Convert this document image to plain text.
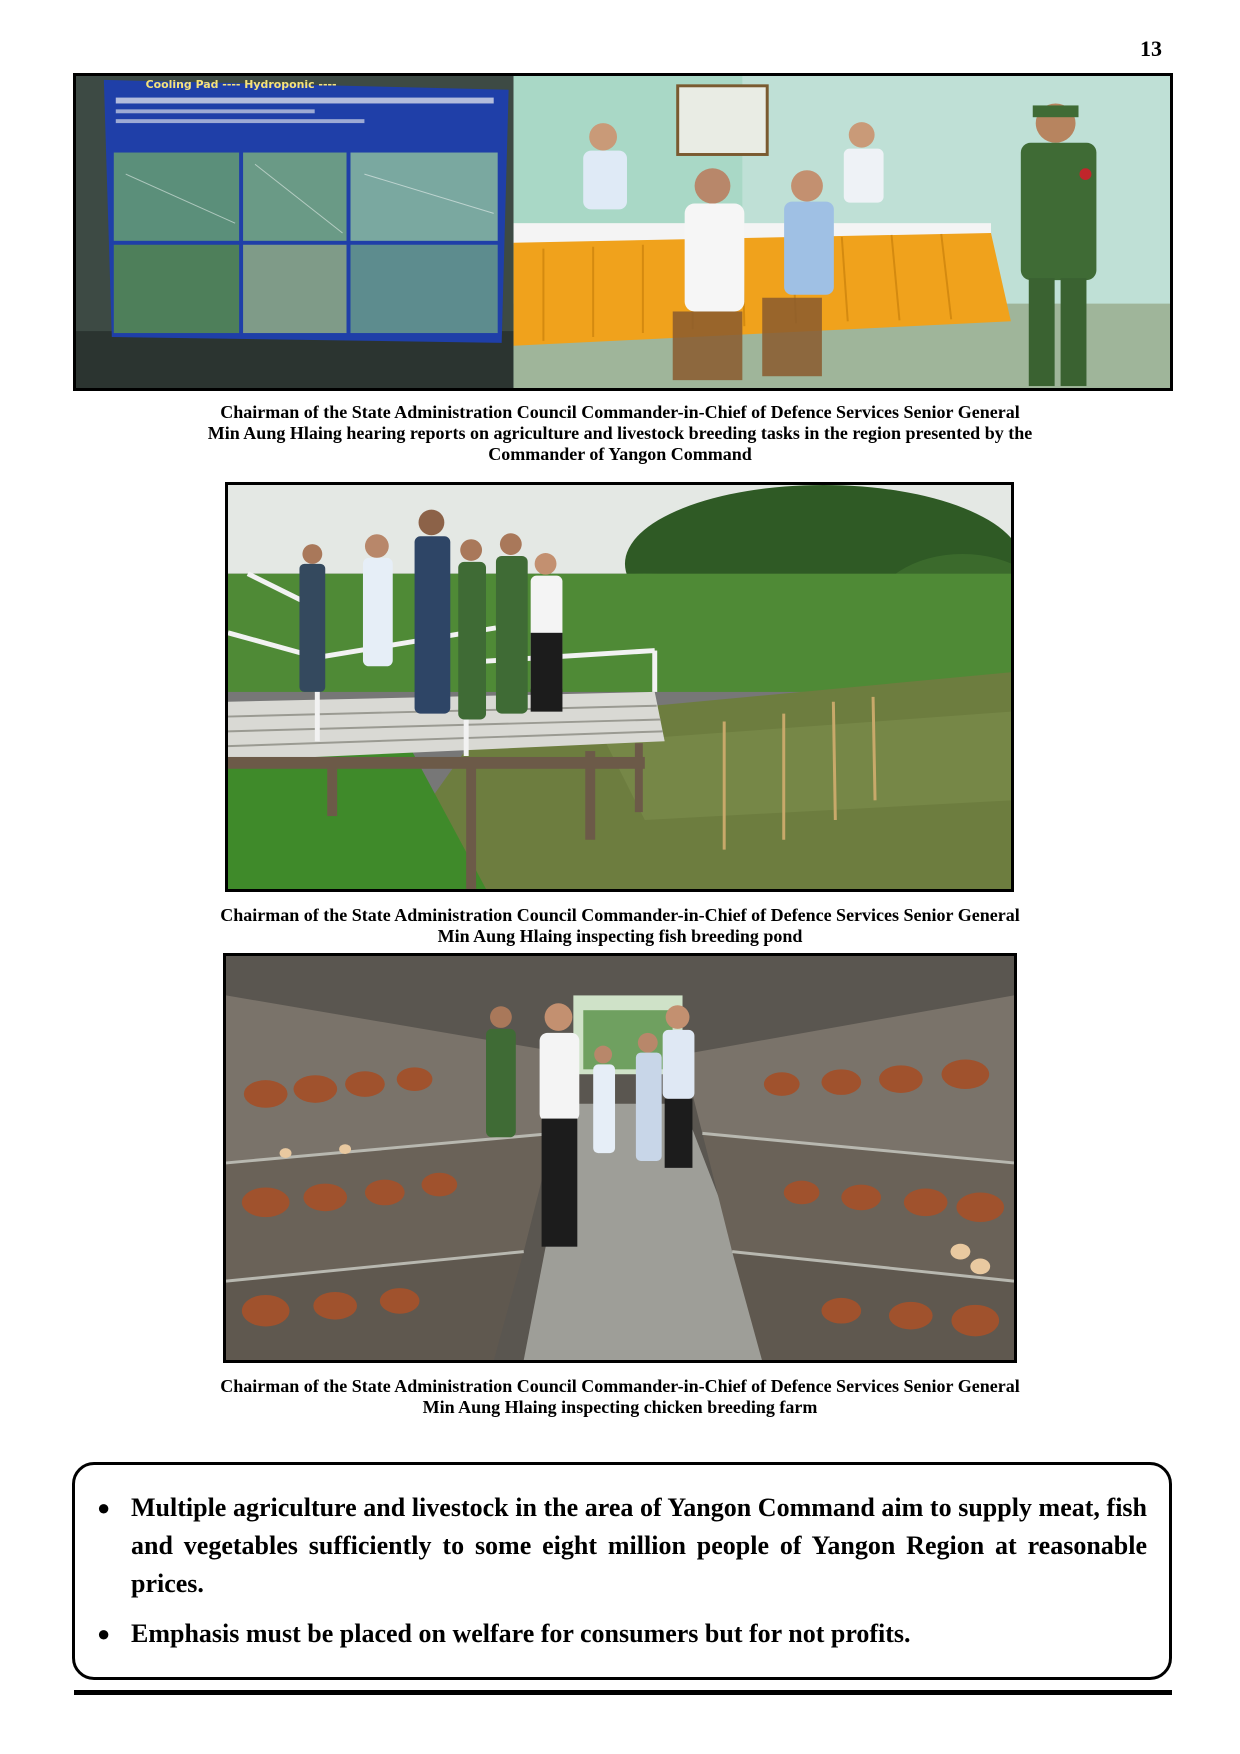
13
Cooling Pad ---- Hydroponic ----
Chairman of the State Administration Council Commander-in-Chief of Defence Services Senior General
Min Aung Hlaing hearing reports on agriculture and livestock breeding tasks in the region presented by the
Commander of Yangon Command
Chairman of the State Administration Council Commander-in-Chief of Defence Services Senior General
Min Aung Hlaing inspecting fish breeding pond
Chairman of the State Administration Council Commander-in-Chief of Defence Services Senior General
Min Aung Hlaing inspecting chicken breeding farm
● Multiple agriculture and livestock in the area of Yangon Command aim to supply meat, fish and vegetables sufficiently to some eight million people of Yangon Region at reasonable prices.
● Emphasis must be placed on welfare for consumers but for not profits.
